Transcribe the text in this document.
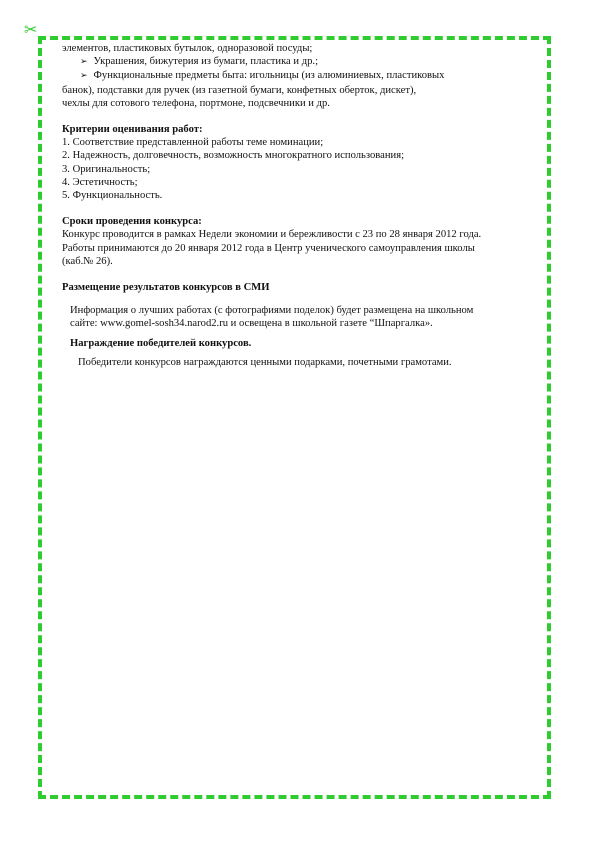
✂
элементов, пластиковых бутылок, одноразовой посуды;
➢ Украшения, бижутерия из бумаги, пластика и др.;
➢ Функциональные предметы быта: игольницы (из алюминиевых, пластиковых
банок), подставки для ручек (из газетной бумаги, конфетных оберток, дискет),
чехлы для сотового телефона, портмоне, подсвечники и др.
Критерии оценивания работ:
1. Соответствие представленной работы теме номинации;
2. Надежность, долговечность, возможность многократного использования;
3. Оригинальность;
4. Эстетичность;
5. Функциональность.
Сроки проведения конкурса:
Конкурс проводится в рамках Недели экономии и бережливости с 23 по 28 января 2012 года.
Работы принимаются до 20 января 2012 года в Центр ученического самоуправления школы
(каб.№ 26).
Размещение результатов конкурсов в СМИ
Информация о лучших работах (с фотографиями поделок) будет размещена на школьном
сайте: www.gomel-sosh34.narod2.ru и освещена в школьной газете “Шпаргалка».
Награждение победителей конкурсов.
Победители конкурсов награждаются ценными подарками, почетными грамотами.
